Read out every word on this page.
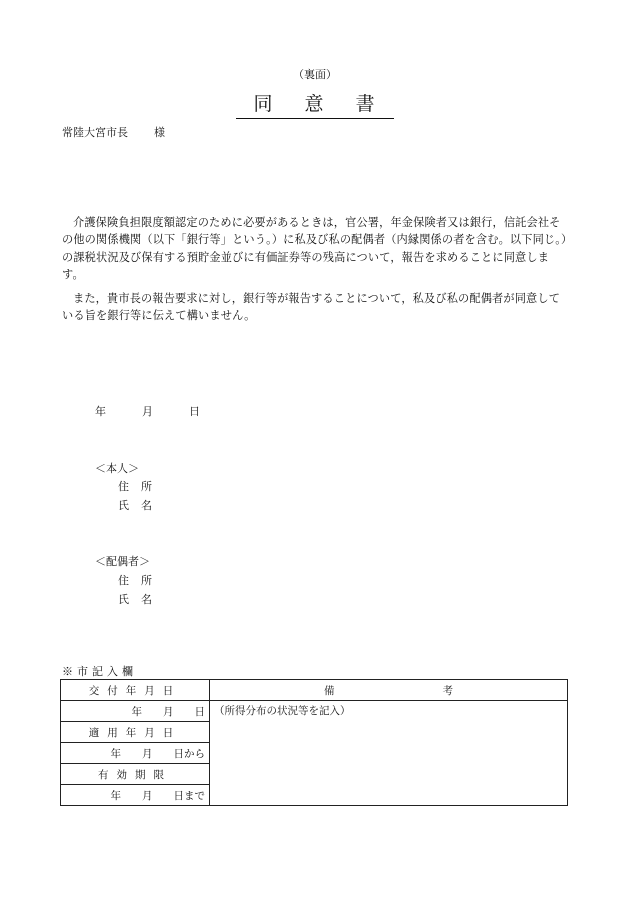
（裏面）
同 意 書
常陸大宮市長 様
介護保険負担限度額認定のために必要があるときは，官公署，年金保険者又は銀行，信託会社その他の関係機関（以下「銀行等」という。）に私及び私の配偶者（内縁関係の者を含む。以下同じ。）の課税状況及び保有する預貯金並びに有価証券等の残高について，報告を求めることに同意します。
また，貴市長の報告要求に対し，銀行等が報告することについて，私及び私の配偶者が同意している旨を銀行等に伝えて構いません。
年	月	日
＜本人＞
住所
氏名
＜配偶者＞
住所
氏名
※市記入欄
交付年月日	備 考
年　　月　　日	（所得分布の状況等を記入）
適用年月日	
年　　月　　日から	
有効期限	
年　　月　　日まで	
